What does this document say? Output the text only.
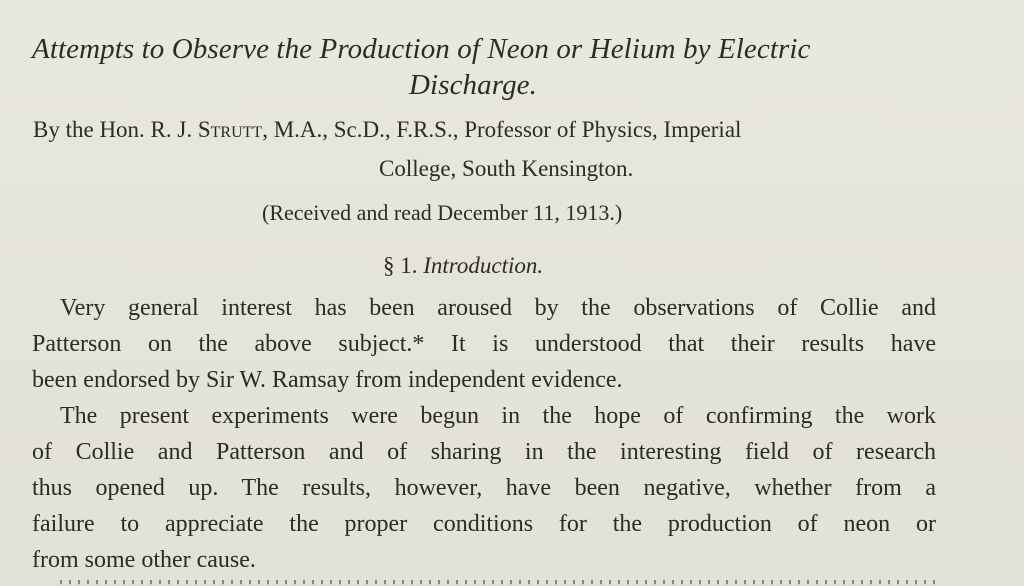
Attempts to Observe the Production of Neon or Helium by Electric
Discharge.
By the Hon. R. J. Strutt, M.A., Sc.D., F.R.S., Professor of Physics, Imperial
College, South Kensington.
(Received and read December 11, 1913.)
§ 1. Introduction.
Very general interest has been aroused by the observations of Collie and
Patterson on the above subject.* It is understood that their results have
been endorsed by Sir W. Ramsay from independent evidence.
The present experiments were begun in the hope of confirming the work
of Collie and Patterson and of sharing in the interesting field of research
thus opened up. The results, however, have been negative, whether from a
failure to appreciate the proper conditions for the production of neon or
from some other cause.
